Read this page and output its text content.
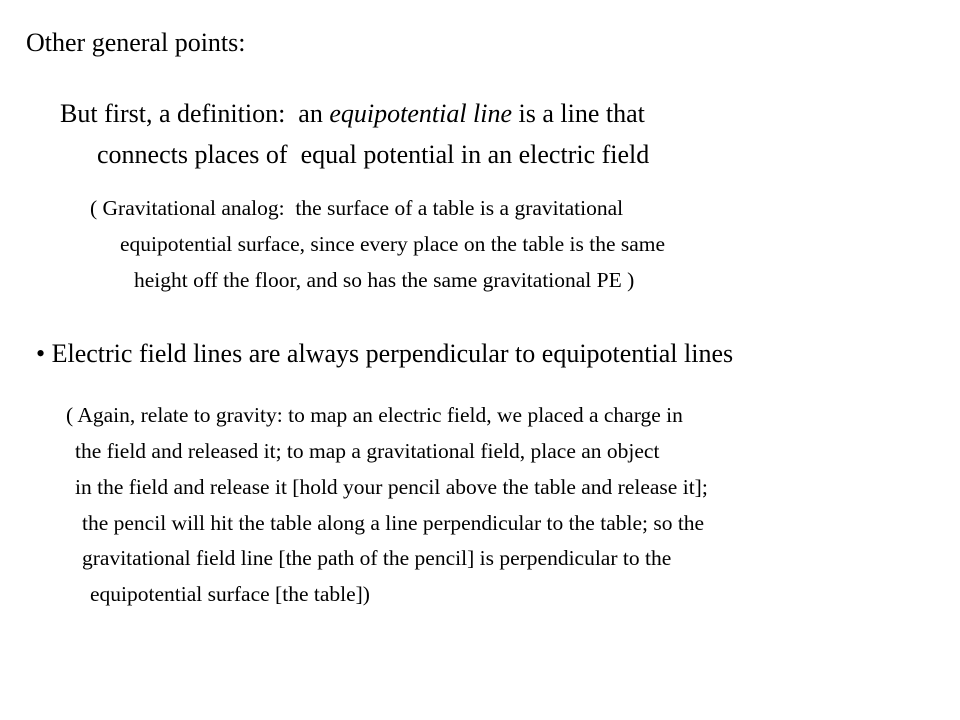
Other general points:
But first, a definition:  an equipotential line is a line that
connects places of  equal potential in an electric field
( Gravitational analog:  the surface of a table is a gravitational
equipotential surface, since every place on the table is the same
height off the floor, and so has the same gravitational PE )
• Electric field lines are always perpendicular to equipotential lines
( Again, relate to gravity: to map an electric field, we placed a charge in
the field and released it; to map a gravitational field, place an object
in the field and release it [hold your pencil above the table and release it];
the pencil will hit the table along a line perpendicular to the table; so the
gravitational field line [the path of the pencil] is perpendicular to the
equipotential surface [the table])
